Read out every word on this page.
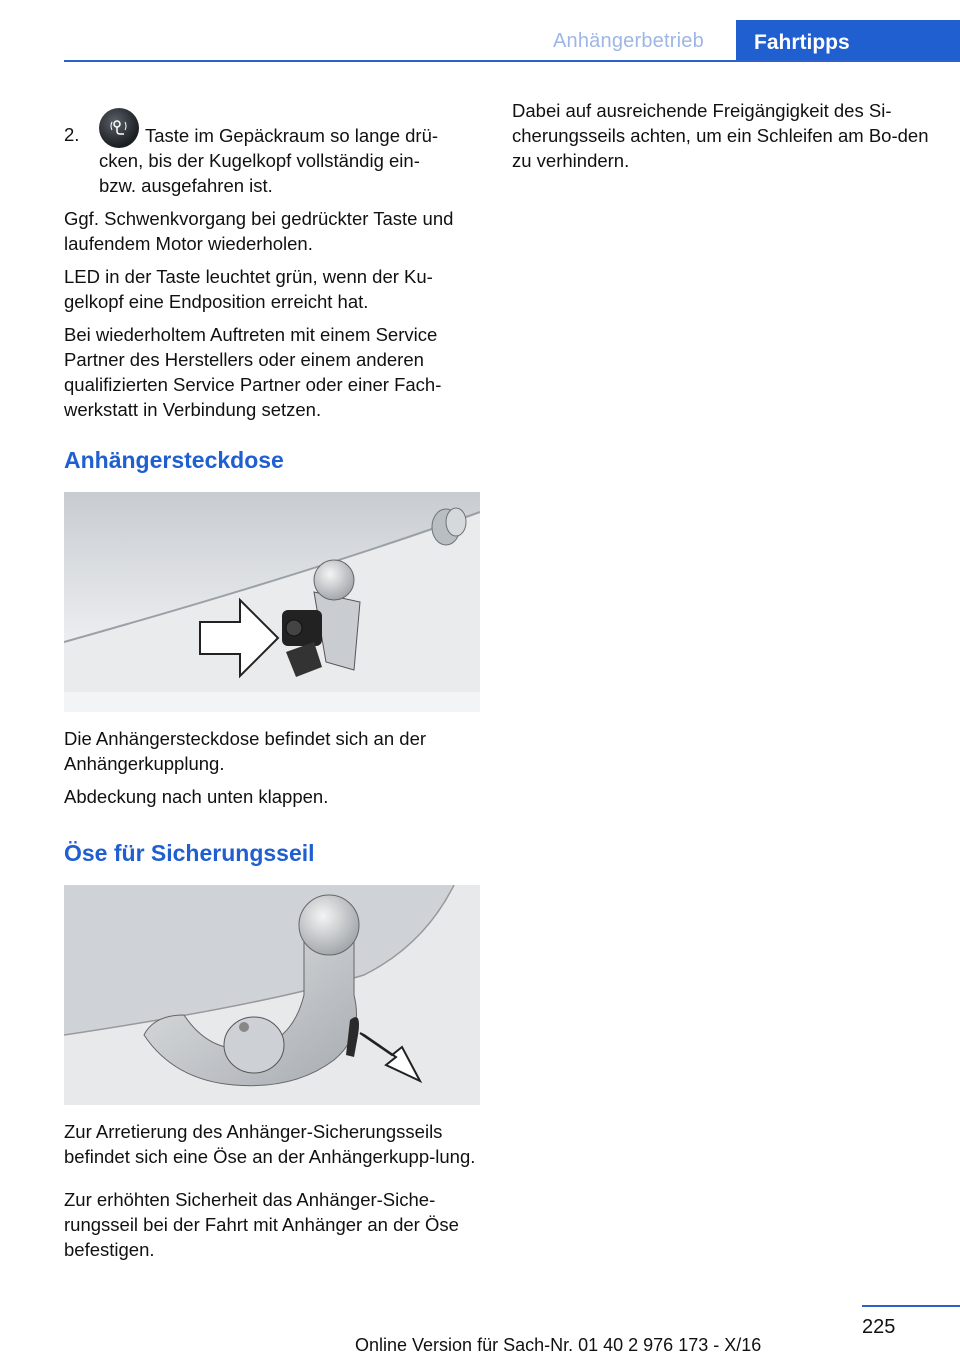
Anhängerbetrieb	Fahrtipps
2.	Taste im Gepäckraum so lange drü-
cken, bis der Kugelkopf vollständig ein-
bzw. ausgefahren ist.

Ggf. Schwenkvorgang bei gedrückter Taste und laufendem Motor wiederholen.

LED in der Taste leuchtet grün, wenn der Ku-gelkopf eine Endposition erreicht hat.

Bei wiederholtem Auftreten mit einem Service Partner des Herstellers oder einem anderen qualifizierten Service Partner oder einer Fach-werkstatt in Verbindung setzen.

Anhängersteckdose

Die Anhängersteckdose befindet sich an der Anhängerkupplung.

Abdeckung nach unten klappen.

Öse für Sicherungsseil

Zur Arretierung des Anhänger-Sicherungsseils befindet sich eine Öse an der Anhängerkupp-lung.

Zur erhöhten Sicherheit das Anhänger-Siche-rungsseil bei der Fahrt mit Anhänger an der Öse befestigen.

Dabei auf ausreichende Freigängigkeit des Si-cherungsseils achten, um ein Schleifen am Bo-den zu verhindern.

225
Online Version für Sach-Nr. 01 40 2 976 173 - X/16
